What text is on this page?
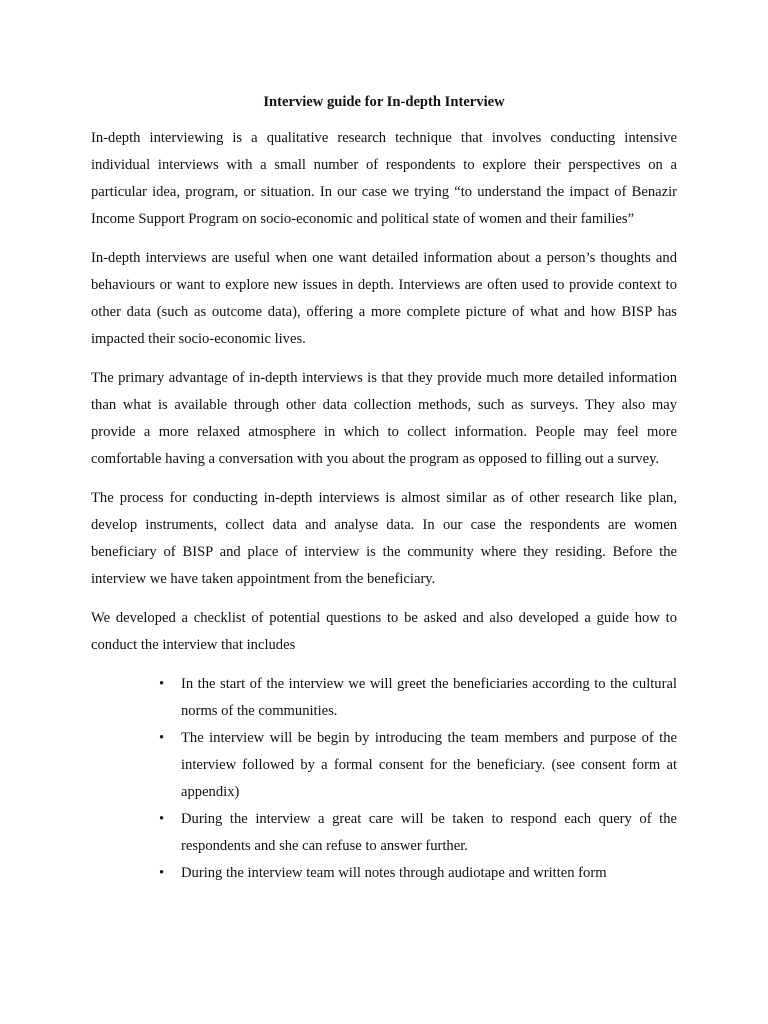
Interview guide for In-depth Interview

In-depth interviewing is a qualitative research technique that involves conducting intensive individual interviews with a small number of respondents to explore their perspectives on a particular idea, program, or situation. In our case we trying “to understand the impact of Benazir Income Support Program on socio-economic and political state of women and their families”

In-depth interviews are useful when one want detailed information about a person’s thoughts and behaviours or want to explore new issues in depth. Interviews are often used to provide context to other data (such as outcome data), offering a more complete picture of what and how BISP has impacted their socio-economic lives.

The primary advantage of in-depth interviews is that they provide much more detailed information than what is available through other data collection methods, such as surveys. They also may provide a more relaxed atmosphere in which to collect information. People may feel more comfortable having a conversation with you about the program as opposed to filling out a survey.

The process for conducting in-depth interviews is almost similar as of other research like plan, develop instruments, collect data and analyse data. In our case the respondents are women beneficiary of BISP and place of interview is the community where they residing. Before the interview we have taken appointment from the beneficiary.

We developed a checklist of potential questions to be asked and also developed a guide how to conduct the interview that includes

• In the start of the interview we will greet the beneficiaries according to the cultural norms of the communities.
• The interview will be begin by introducing the team members and purpose of the interview followed by a formal consent for the beneficiary. (see consent form at appendix)
• During the interview a great care will be taken to respond each query of the respondents and she can refuse to answer further.
• During the interview team will notes through audiotape and written form
